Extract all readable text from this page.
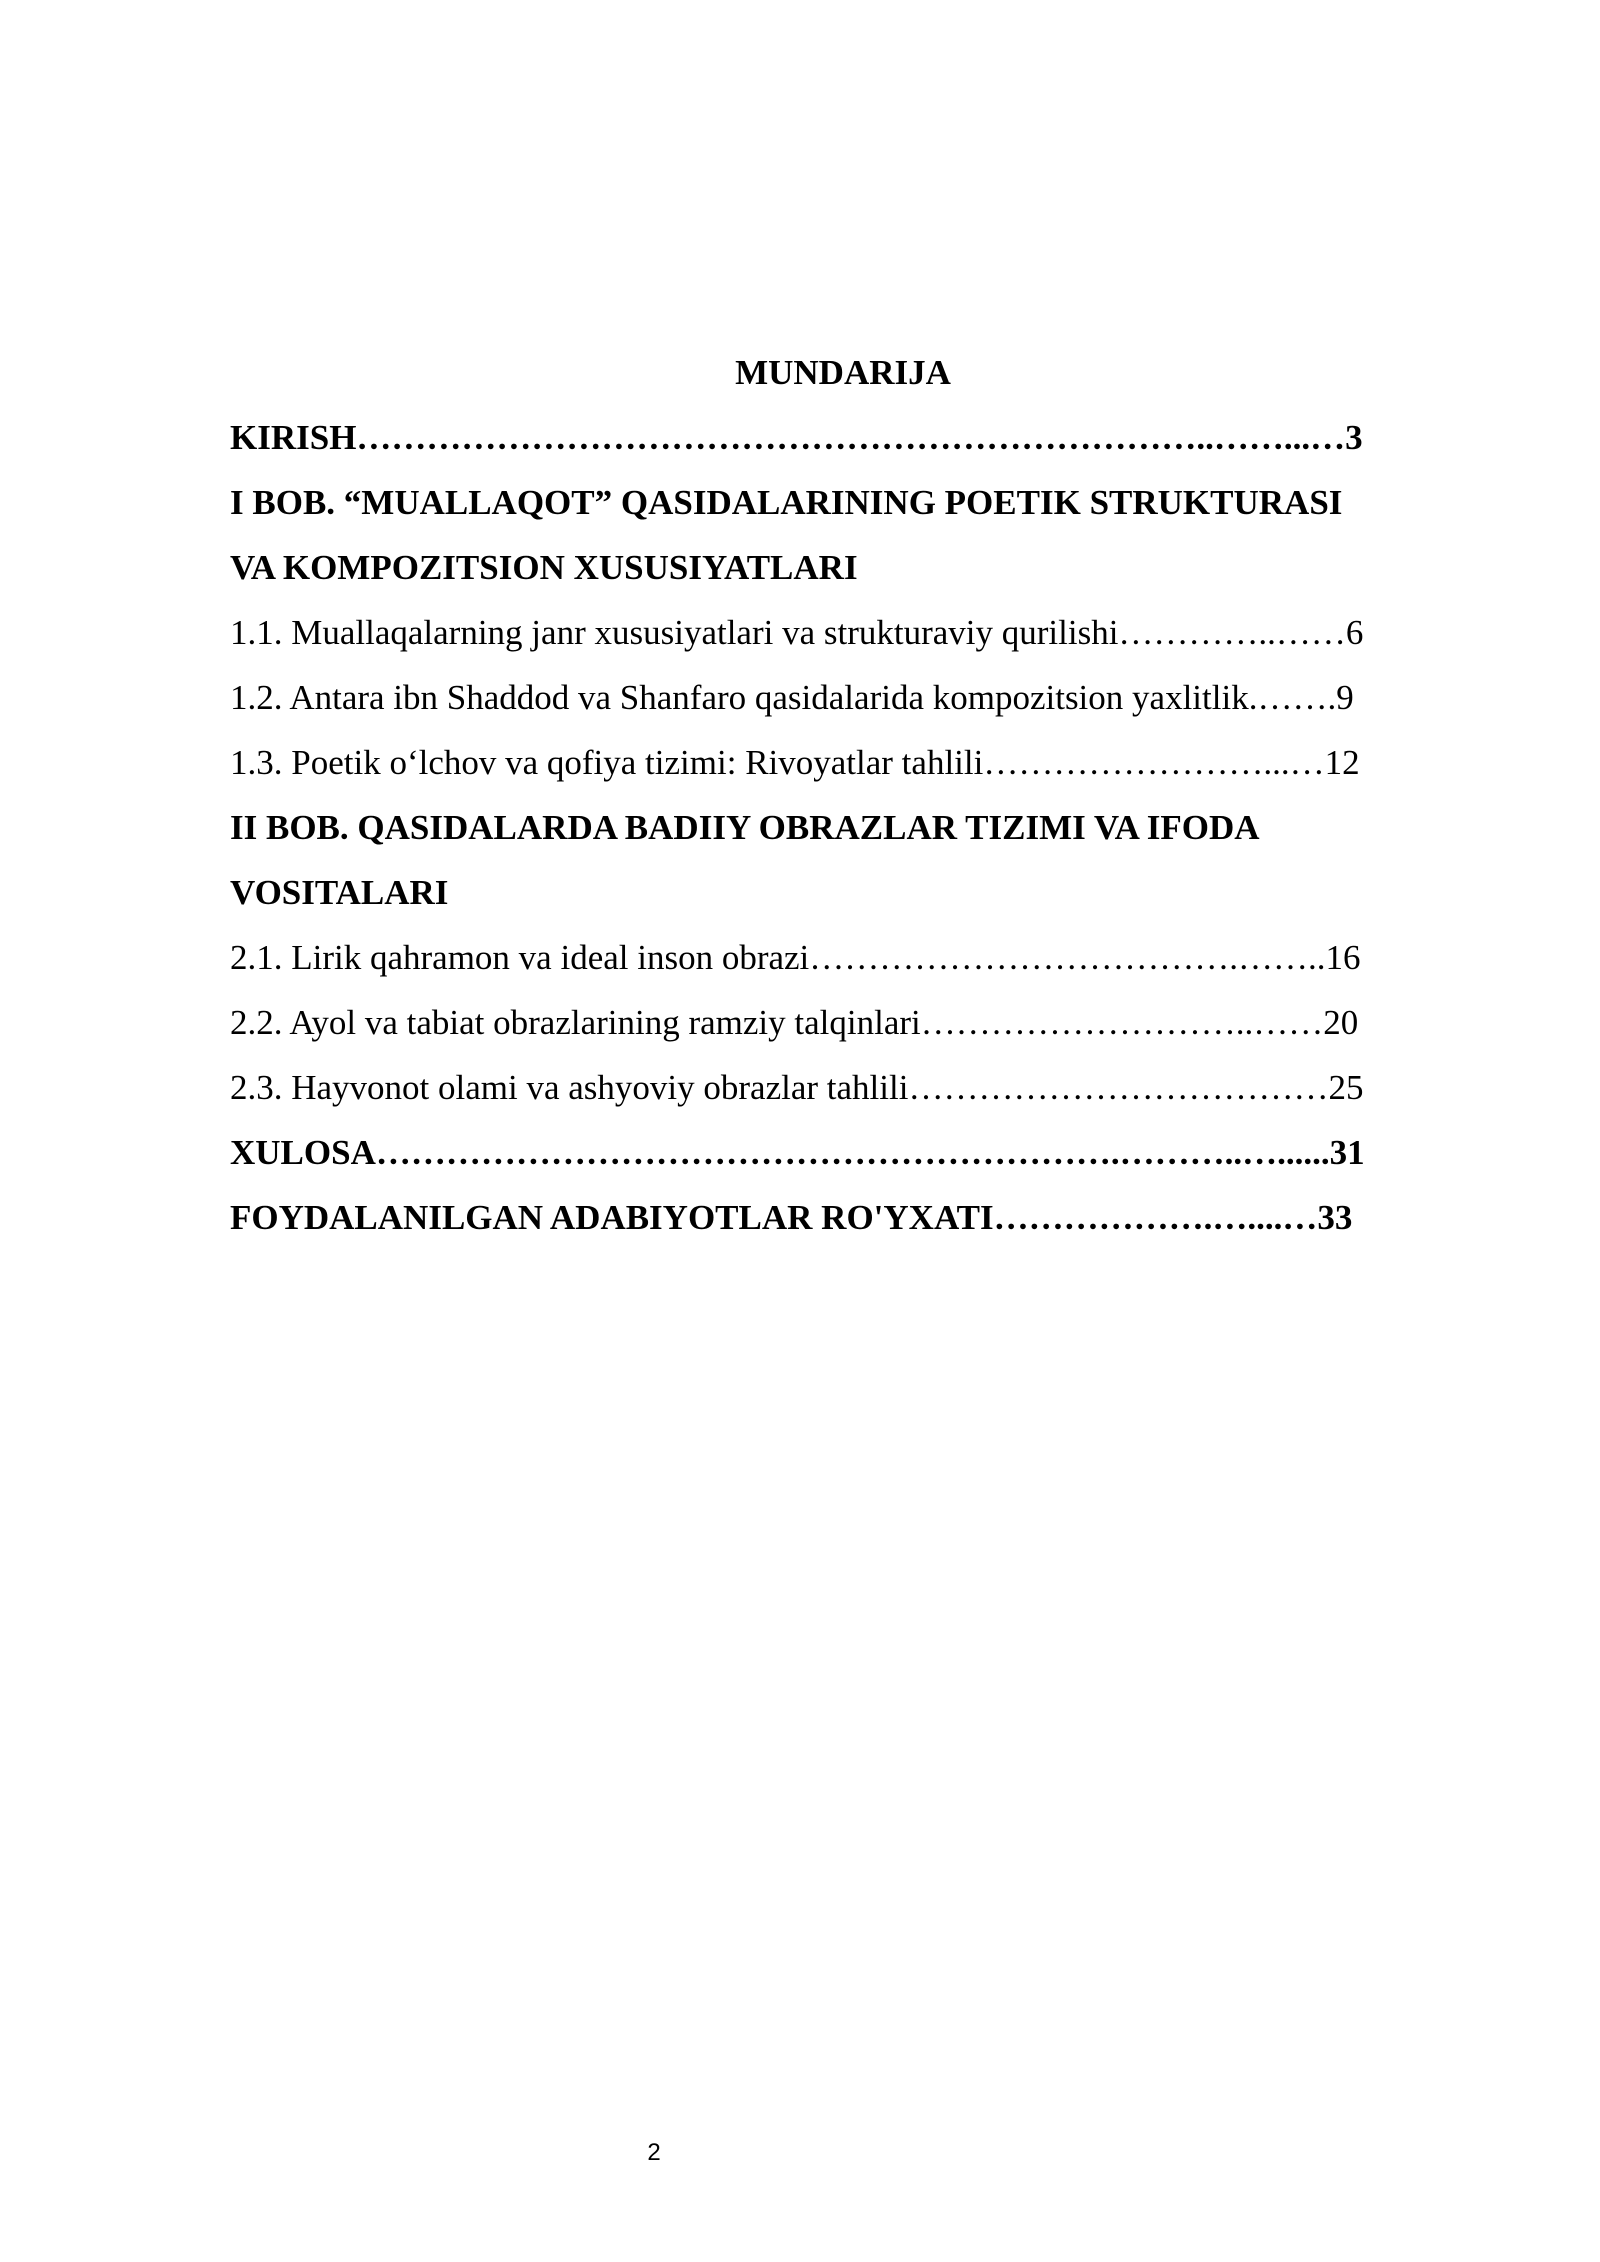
MUNDARIJA
KIRISH………………………………………………………………..……...…3
I BOB. “MUALLAQOT” QASIDALARINING POETIK STRUKTURASI
VA KOMPOZITSION XUSUSIYATLARI
1.1. Muallaqalarning janr xususiyatlari va strukturaviy qurilishi…………..……6
1.2. Antara ibn Shaddod va Shanfaro qasidalarida kompozitsion yaxlitlik.…….9
1.3. Poetik o‘lchov va qofiya tizimi: Rivoyatlar tahlili……………………...…12
II BOB. QASIDALARDA BADIIY OBRAZLAR TIZIMI VA IFODA
VOSITALARI
2.1. Lirik qahramon va ideal inson obrazi……………………………….……..16
2.2. Ayol va tabiat obrazlarining ramziy talqinlari………………………..……20
2.3. Hayvonot olami va ashyoviy obrazlar tahlili………………………………25
XULOSA……………………………………………………….………..…......31
FOYDALANILGAN ADABIYOTLAR RO'YXATI……………….…....…33
2
